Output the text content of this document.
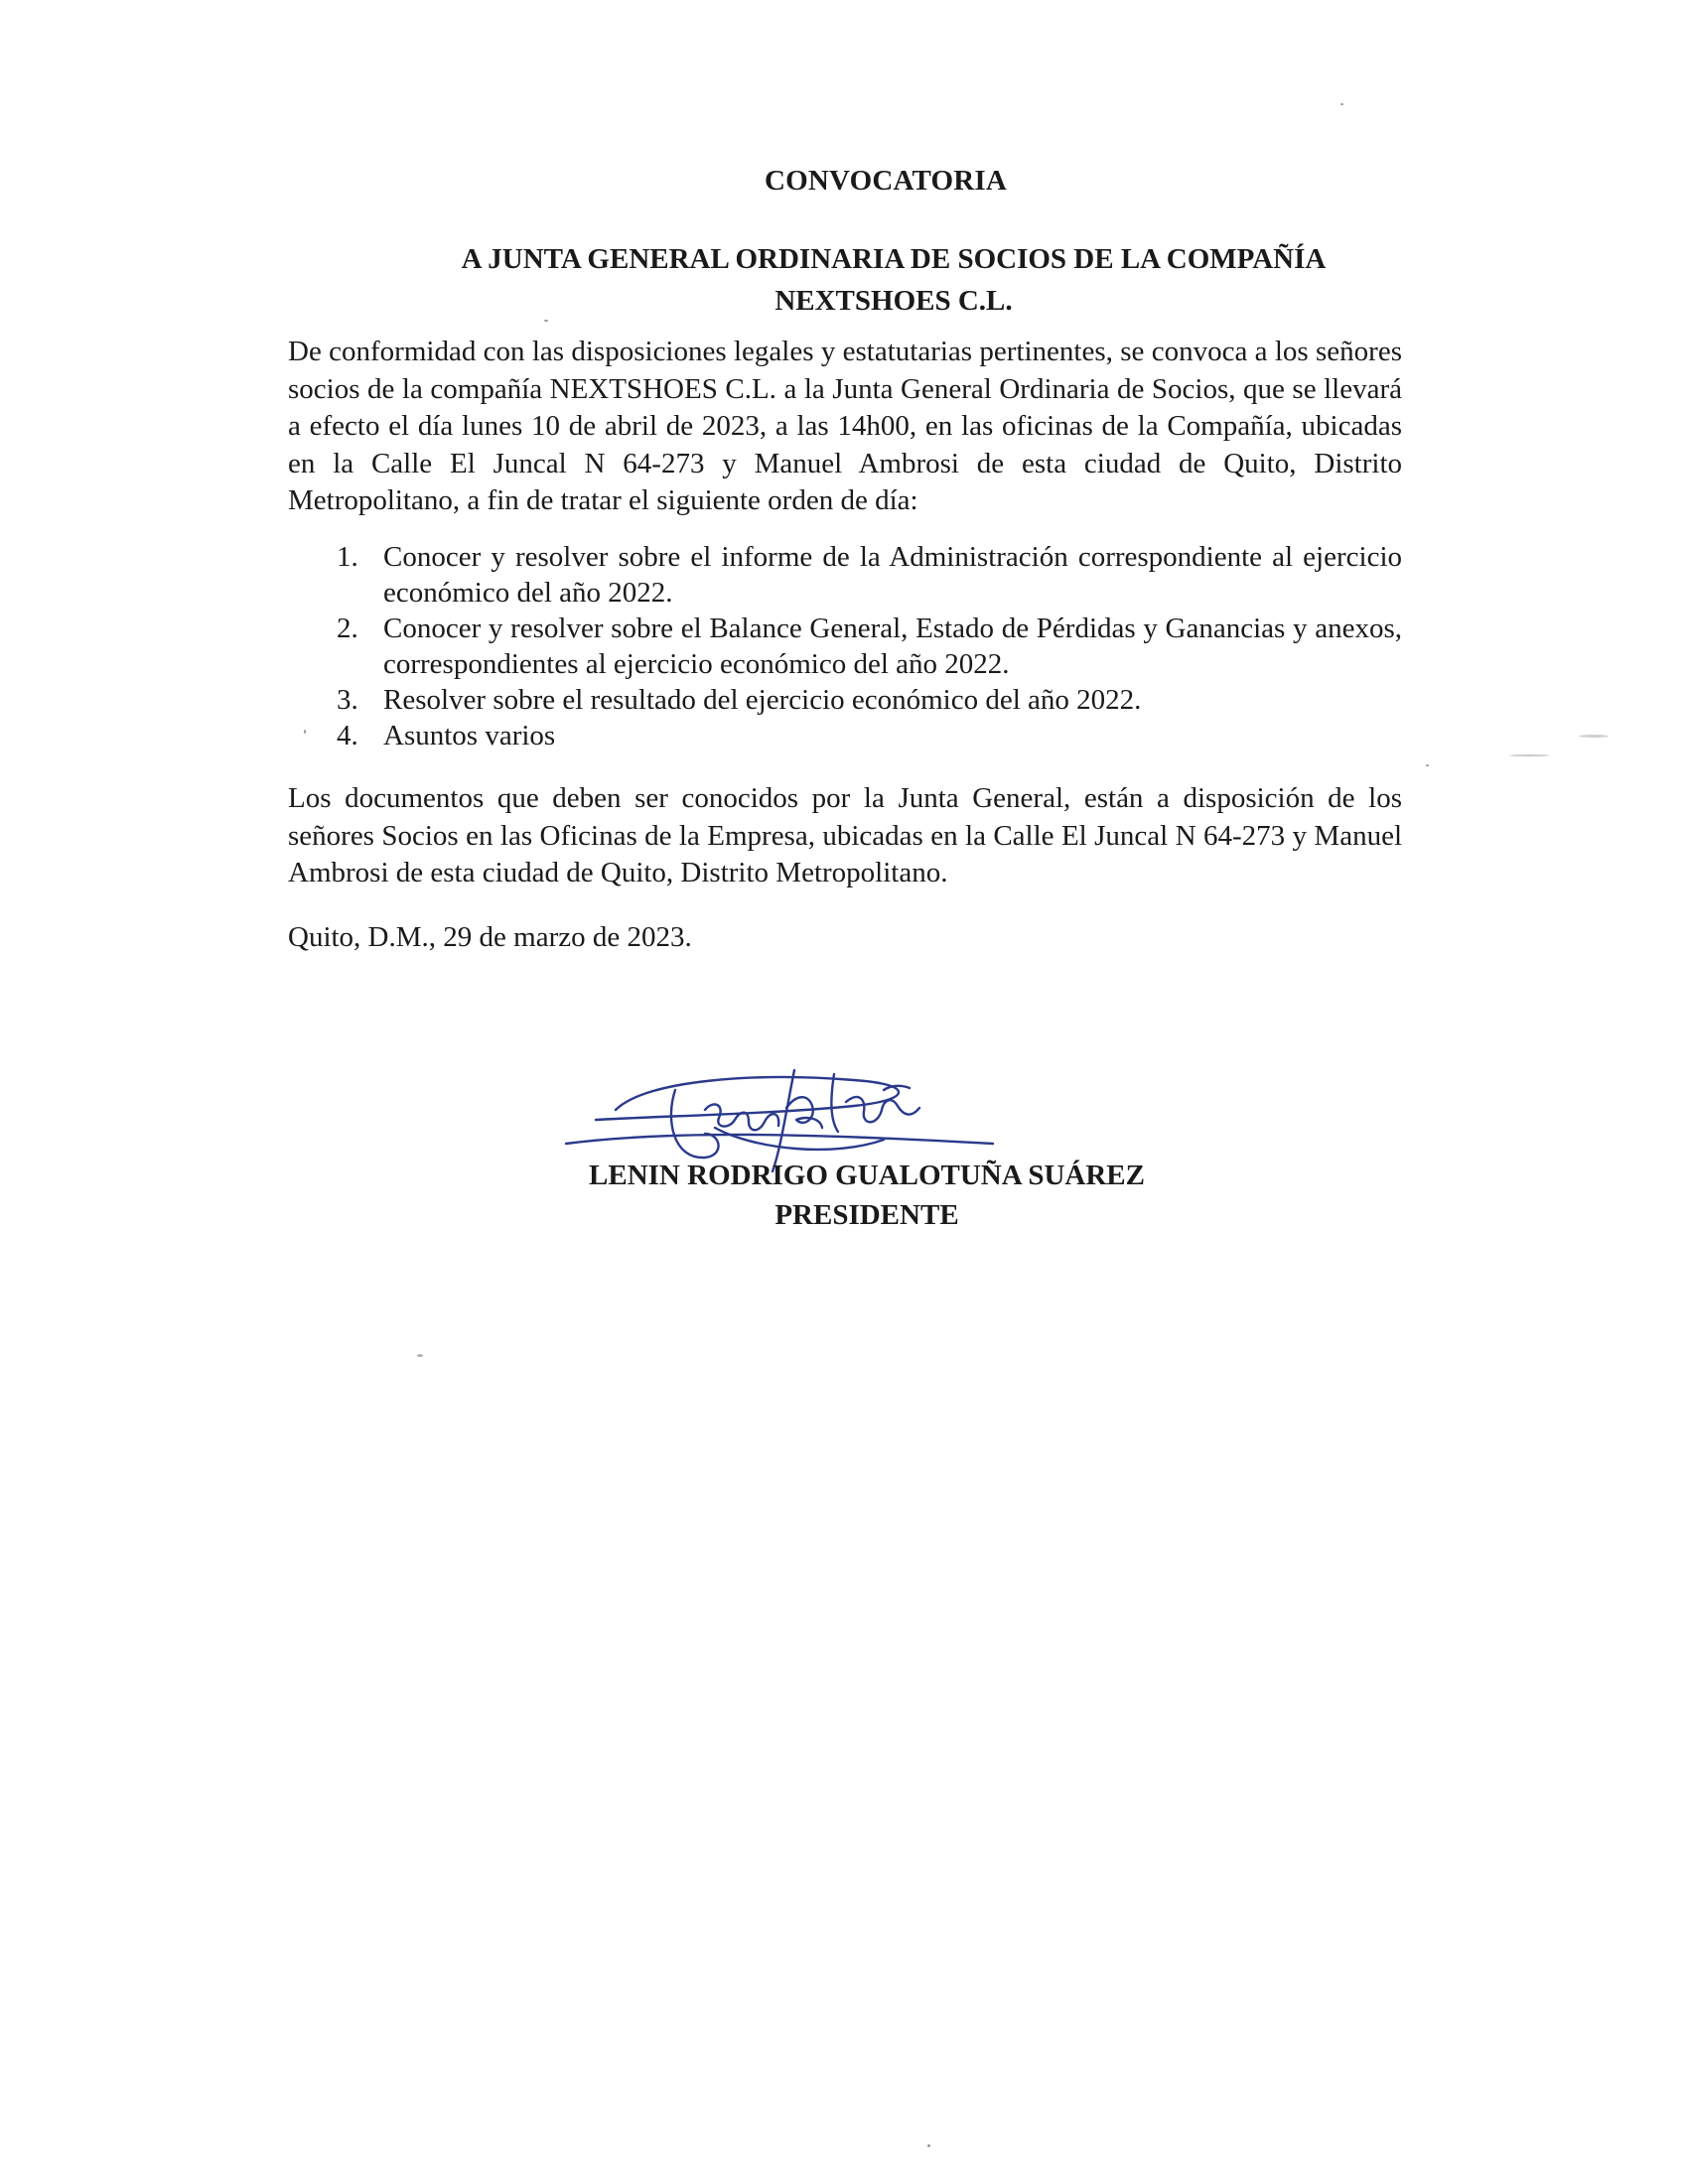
CONVOCATORIA
A JUNTA GENERAL ORDINARIA DE SOCIOS DE LA COMPAÑÍA
NEXTSHOES C.L.

De conformidad con las disposiciones legales y estatutarias pertinentes, se convoca a los señores socios de la compañía NEXTSHOES C.L. a la Junta General Ordinaria de Socios, que se llevará a efecto el día lunes 10 de abril de 2023, a las 14h00, en las oficinas de la Compañía, ubicadas en la Calle El Juncal N 64-273 y Manuel Ambrosi de esta ciudad de Quito, Distrito Metropolitano, a fin de tratar el siguiente orden de día:

1. Conocer y resolver sobre el informe de la Administración correspondiente al ejercicio económico del año 2022.
2. Conocer y resolver sobre el Balance General, Estado de Pérdidas y Ganancias y anexos, correspondientes al ejercicio económico del año 2022.
3. Resolver sobre el resultado del ejercicio económico del año 2022.
4. Asuntos varios

Los documentos que deben ser conocidos por la Junta General, están a disposición de los señores Socios en las Oficinas de la Empresa, ubicadas en la Calle El Juncal N 64-273 y Manuel Ambrosi de esta ciudad de Quito, Distrito Metropolitano.

Quito, D.M., 29 de marzo de 2023.

LENIN RODRIGO GUALOTUÑA SUÁREZ
PRESIDENTE
